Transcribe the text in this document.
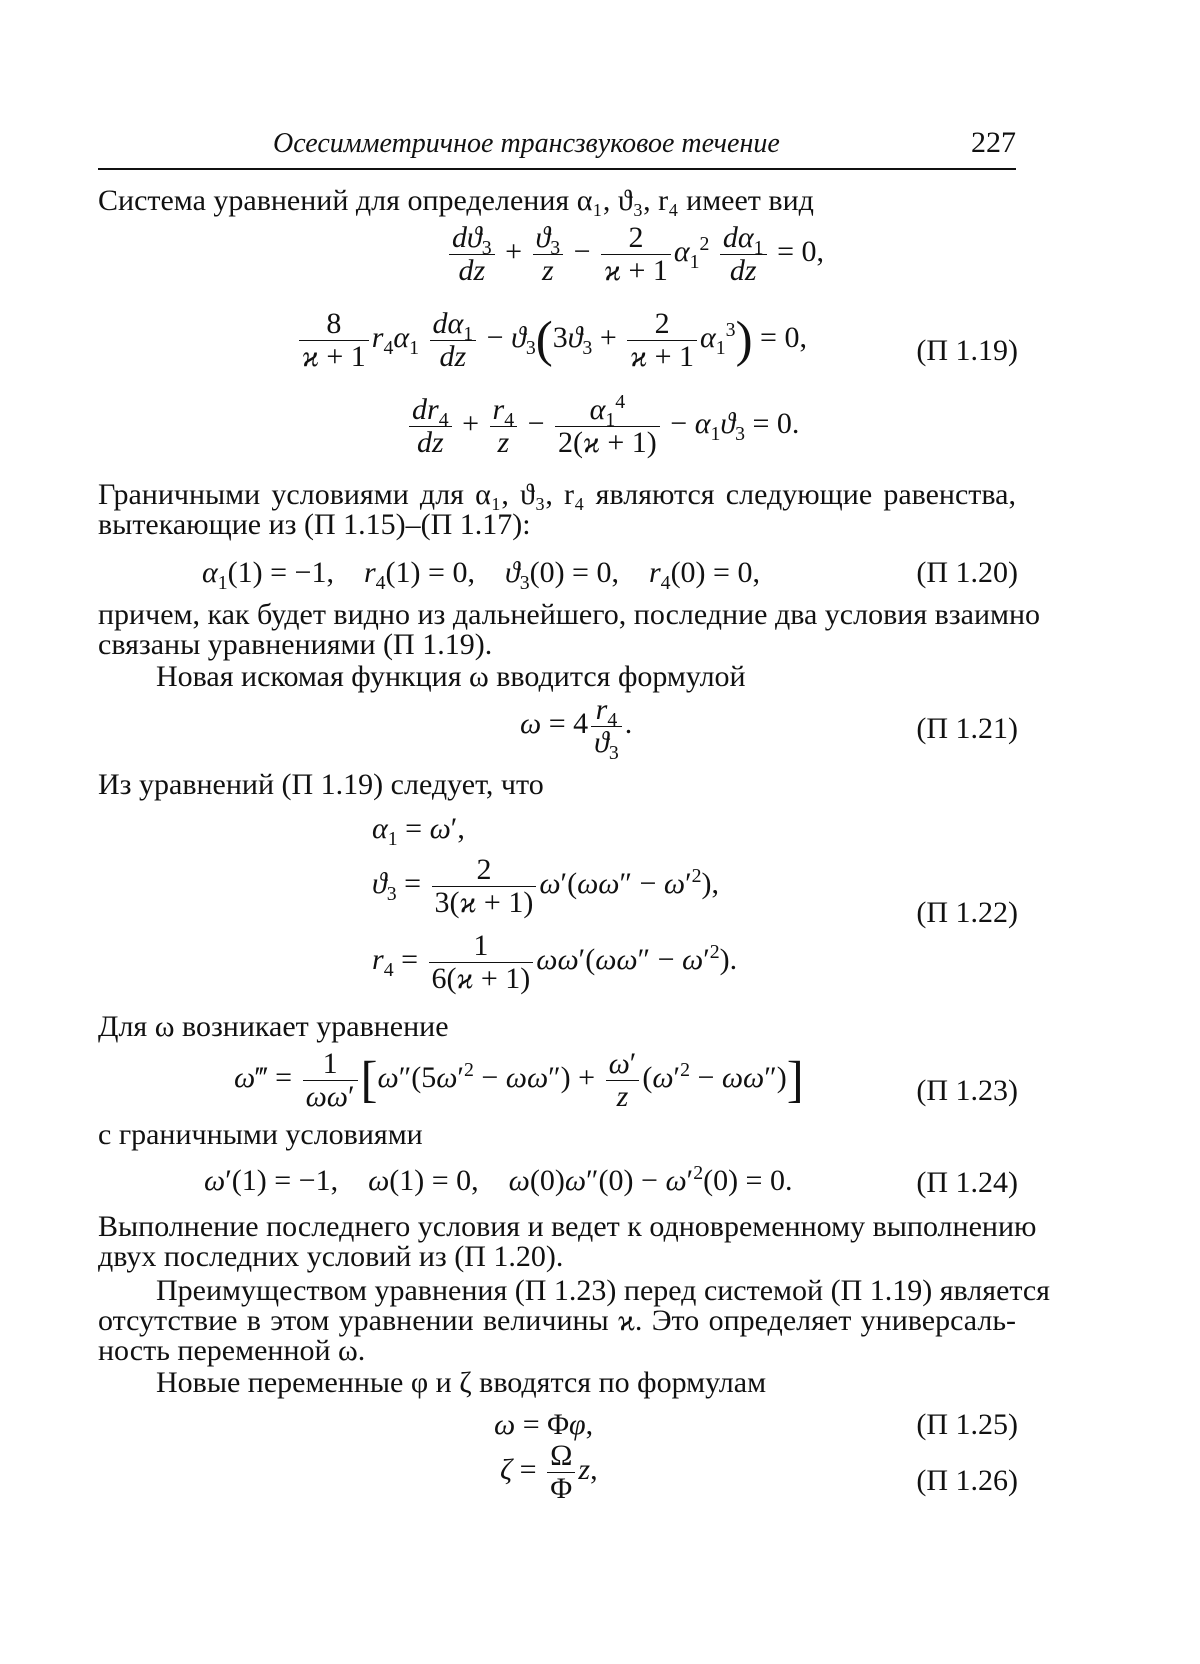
Осесимметричное трансзвуковое течение	227
Система уравнений для определения α₁, ϑ₃, r₄ имеет вид
$\frac{dϑ_3}{dz} + \frac{ϑ_3}{z} - \frac{2}{ϰ + 1} \alpha_1^2 \frac{d\alpha_1}{dz} = 0$,
$\frac{8}{ϰ + 1} r_4\alpha_1 \frac{d\alpha_1}{dz} - ϑ_3(3ϑ_3 + \frac{2}{ϰ + 1} \alpha_1^3) = 0$,	(П 1.19)
$\frac{dr_4}{dz} + \frac{r_4}{z} - \frac{\alpha_1^4}{2(ϰ + 1)} - \alpha_1ϑ_3 = 0$.
Граничными условиями для α₁, ϑ₃, r₄ являются следующие равенства,
вытекающие из (П 1.15)–(П 1.17):
$\alpha_1(1) = -1$,    $r_4(1) = 0$,    $ϑ_3(0) = 0$,    $r_4(0) = 0$,	(П 1.20)
причем, как будет видно из дальнейшего, последние два условия взаимно
связаны уравнениями (П 1.19).
Новая искомая функция ω вводится формулой
$\omega = 4 \frac{r_4}{ϑ_3}$ .	(П 1.21)
Из уравнений (П 1.19) следует, что
$\alpha_1 = \omega'$,
$ϑ_3 = \frac{2}{3(ϰ + 1)} \omega'(\omega\omega'' - \omega'^2)$,
(П 1.22)
$r_4 = \frac{1}{6(ϰ + 1)} \omega\omega'(\omega\omega'' - \omega'^2)$.
Для ω возникает уравнение
ω‴ = $\frac{1}{\omega\omega'} [\omega''(5\omega'^2 - \omega\omega'') + \frac{\omega'}{z} (\omega'^2 - \omega\omega'')]$	(П 1.23)
с граничными условиями
ω′(1) = −1,    ω(1) = 0,    $\omega(0)\omega''(0) - \omega'^2(0) = 0$.	(П 1.24)
Выполнение последнего условия и ведет к одновременному выполнению
двух последних условий из (П 1.20).
Преимуществом уравнения (П 1.23) перед системой (П 1.19) является
отсутствие в этом уравнении величины ϰ. Это определяет универсаль-
ность переменной ω.
Новые переменные φ и ζ вводятся по формулам
ω = Φφ,	(П 1.25)
$\zeta = \frac{\Omega}{\Phi} z$,	(П 1.26)
